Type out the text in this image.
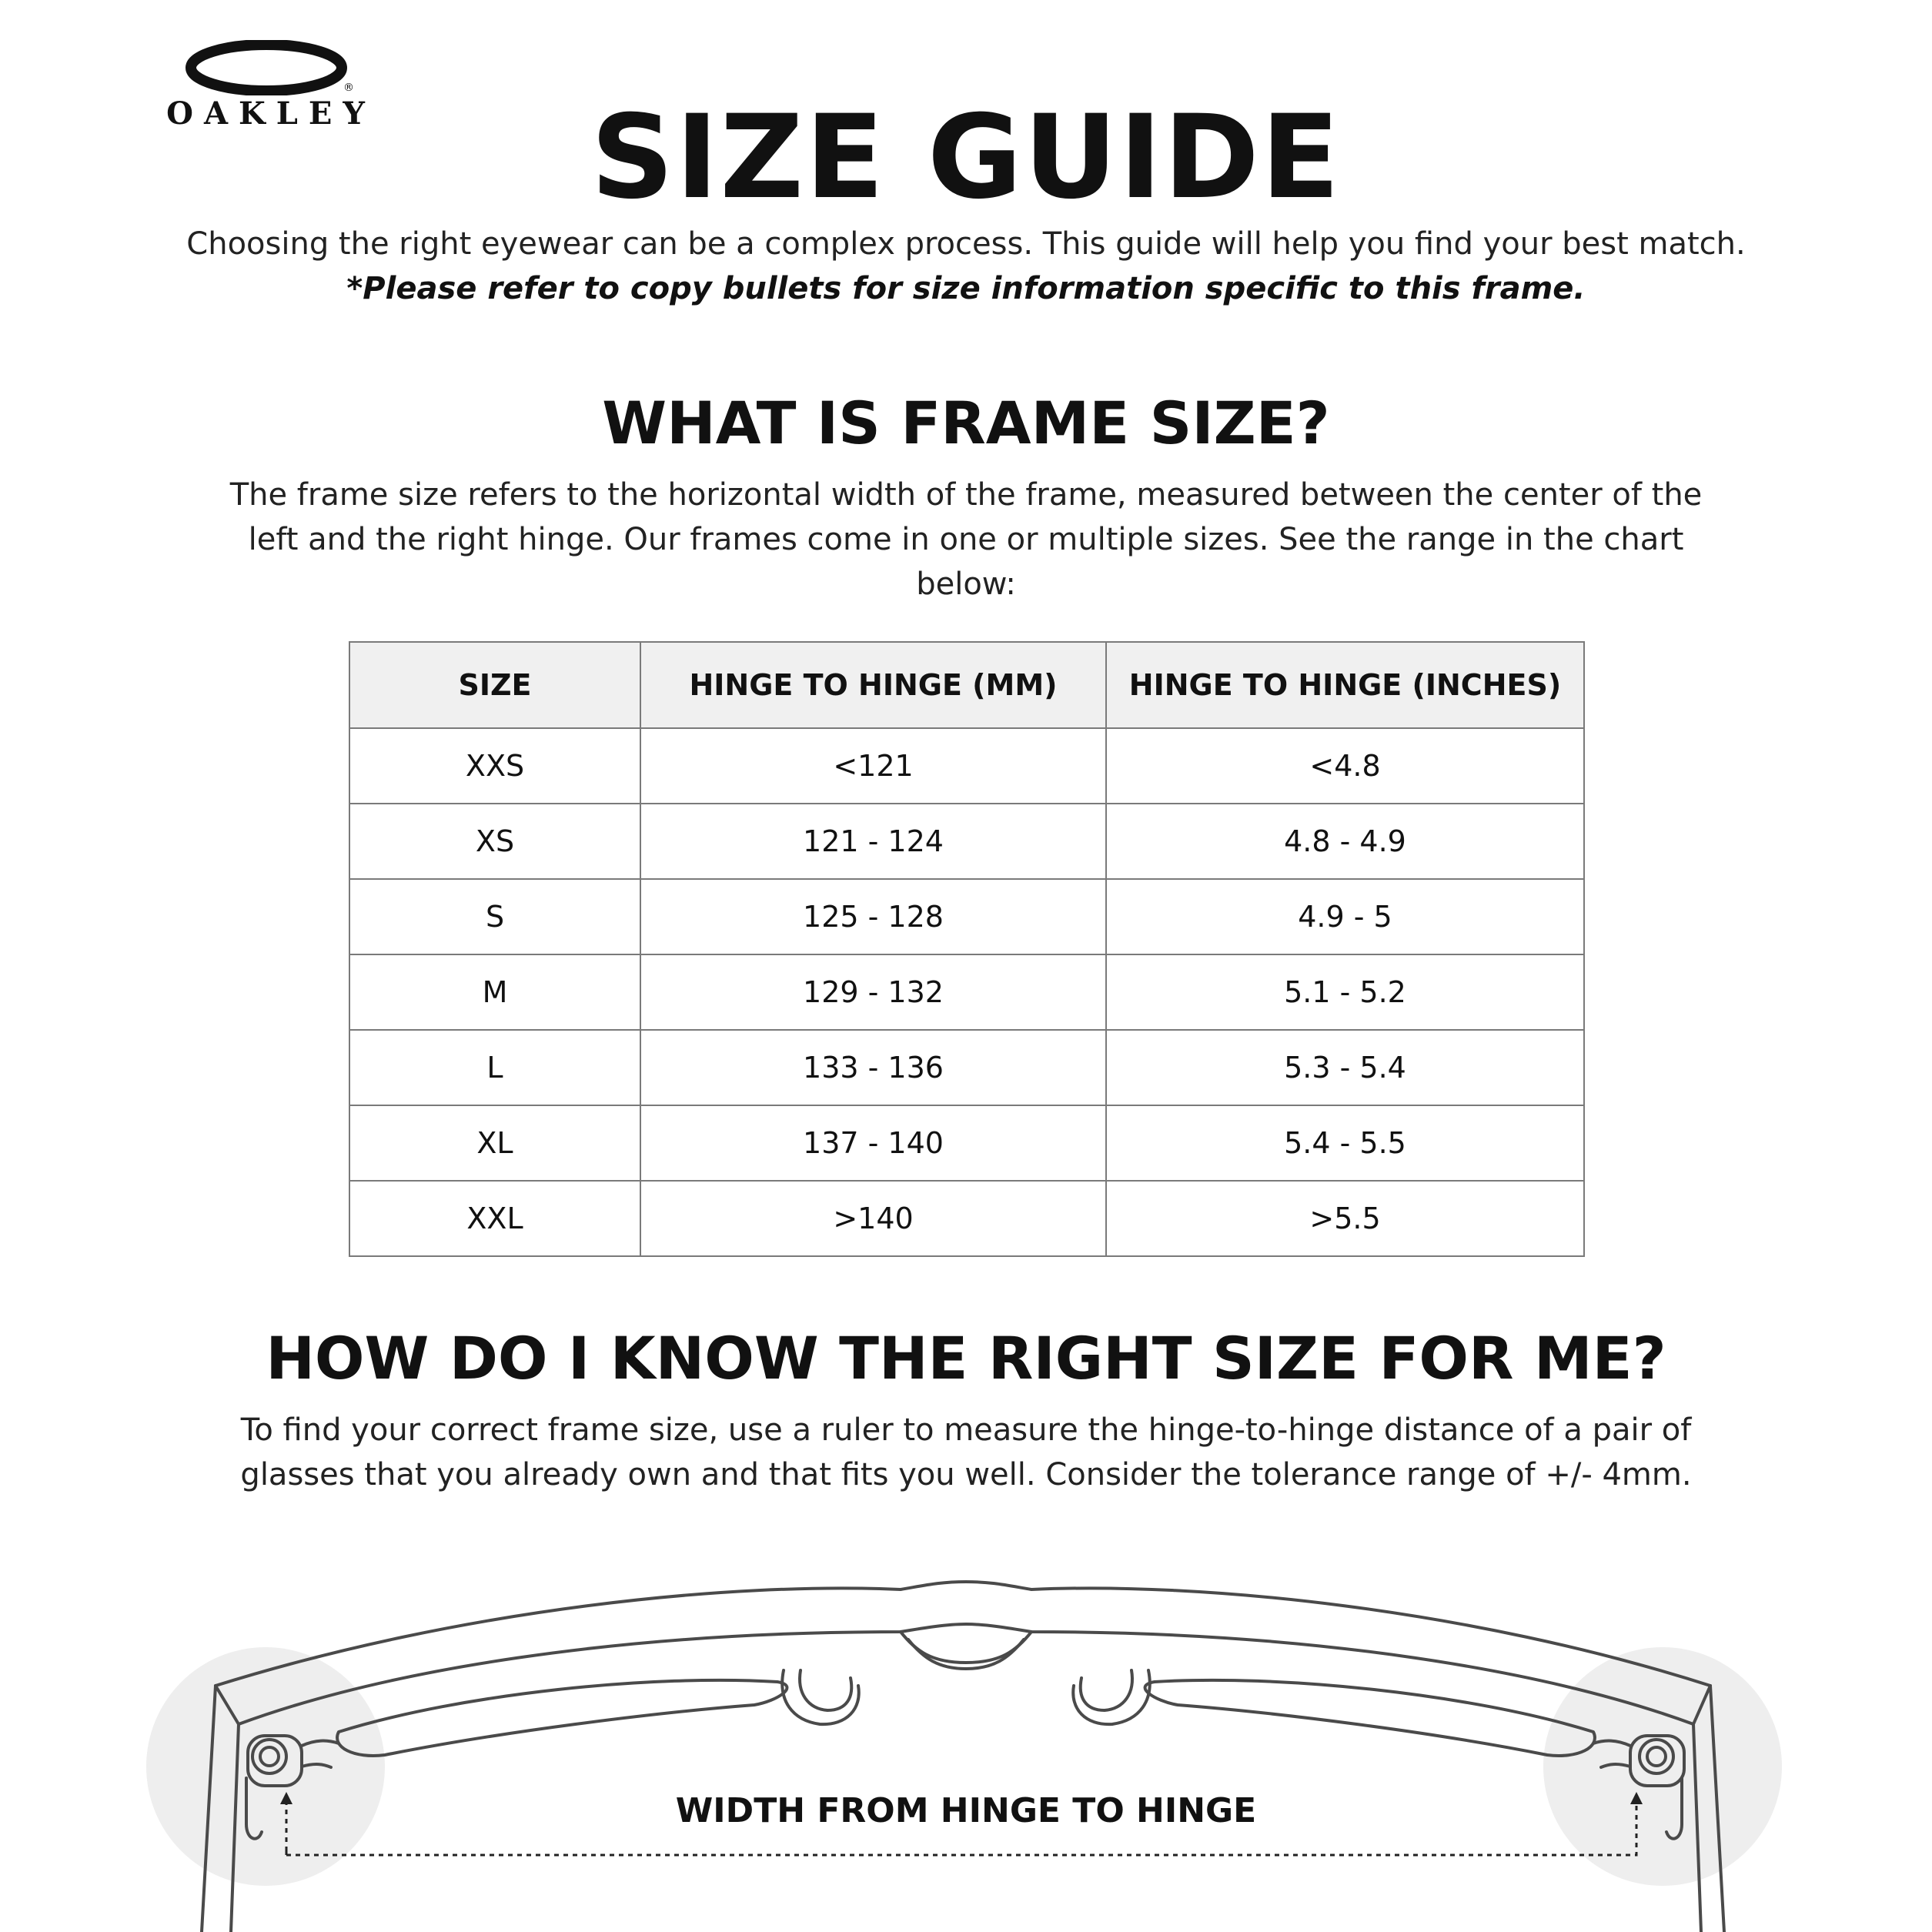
®
OAKLEY	SIZE GUIDE
Choosing the right eyewear can be a complex process. This guide will help you find your best match.
*Please refer to copy bullets for size information specific to this frame.
WHAT IS FRAME SIZE?

The frame size refers to the horizontal width of the frame, measured between the center of the left and the right hinge. Our frames come in one or multiple sizes. See the range in the chart below:

SIZE	HINGE TO HINGE (MM)	HINGE TO HINGE (INCHES)
XXS	<121	<4.8
XS	121 - 124	4.8 - 4.9
S	125 - 128	4.9 - 5
M	129 - 132	5.1 - 5.2
L	133 - 136	5.3 - 5.4
XL	137 - 140	5.4 - 5.5
XXL	>140	>5.5
HOW DO I KNOW THE RIGHT SIZE FOR ME?

To find your correct frame size, use a ruler to measure the hinge-to-hinge distance of a pair of glasses that you already own and that fits you well. Consider the tolerance range of +/- 4mm.

WIDTH FROM HINGE TO HINGE
